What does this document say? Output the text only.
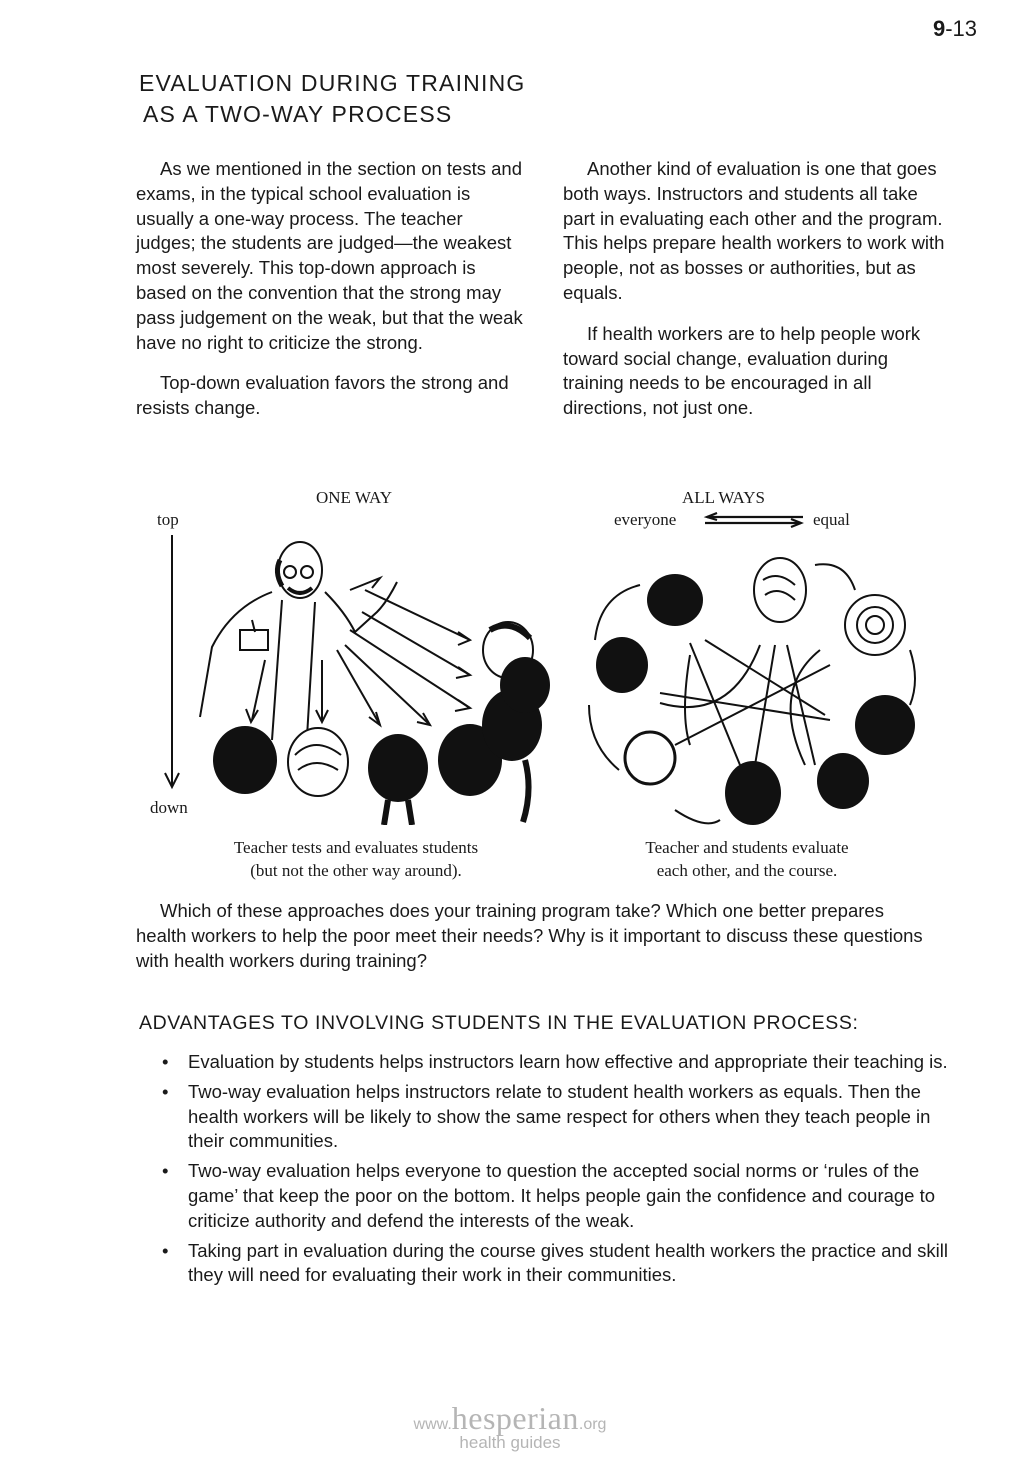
9-13
EVALUATION DURING TRAINING
AS A TWO-WAY PROCESS

As we mentioned in the section on tests and exams, in the typical school evaluation is usually a one-way process. The teacher judges; the students are judged—the weakest most severely. This top-down approach is based on the convention that the strong may pass judgement on the weak, but that the weak have no right to criticize the strong.

Top-down evaluation favors the strong and resists change.

Another kind of evaluation is one that goes both ways. Instructors and students all take part in evaluating each other and the program. This helps prepare health workers to work with people, not as bosses or authorities, but as equals.

If health workers are to help people work toward social change, evaluation during training needs to be encouraged in all directions, not just one.

ONE WAY
top
down
Teacher tests and evaluates students
(but not the other way around).
ALL WAYS
everyone	equal
Teacher and students evaluate
each other, and the course.

Which of these approaches does your training program take? Which one better prepares health workers to help the poor meet their needs? Why is it important to discuss these questions with health workers during training?

ADVANTAGES TO INVOLVING STUDENTS IN THE EVALUATION PROCESS:
• Evaluation by students helps instructors learn how effective and appropriate their teaching is.
• Two-way evaluation helps instructors relate to student health workers as equals. Then the health workers will be likely to show the same respect for others when they teach people in their communities.
• Two-way evaluation helps everyone to question the accepted social norms or ‘rules of the game’ that keep the poor on the bottom. It helps people gain the confidence and courage to criticize authority and defend the interests of the weak.
• Taking part in evaluation during the course gives student health workers the practice and skill they will need for evaluating their work in their communities.
www.hesperian.org
health guides
